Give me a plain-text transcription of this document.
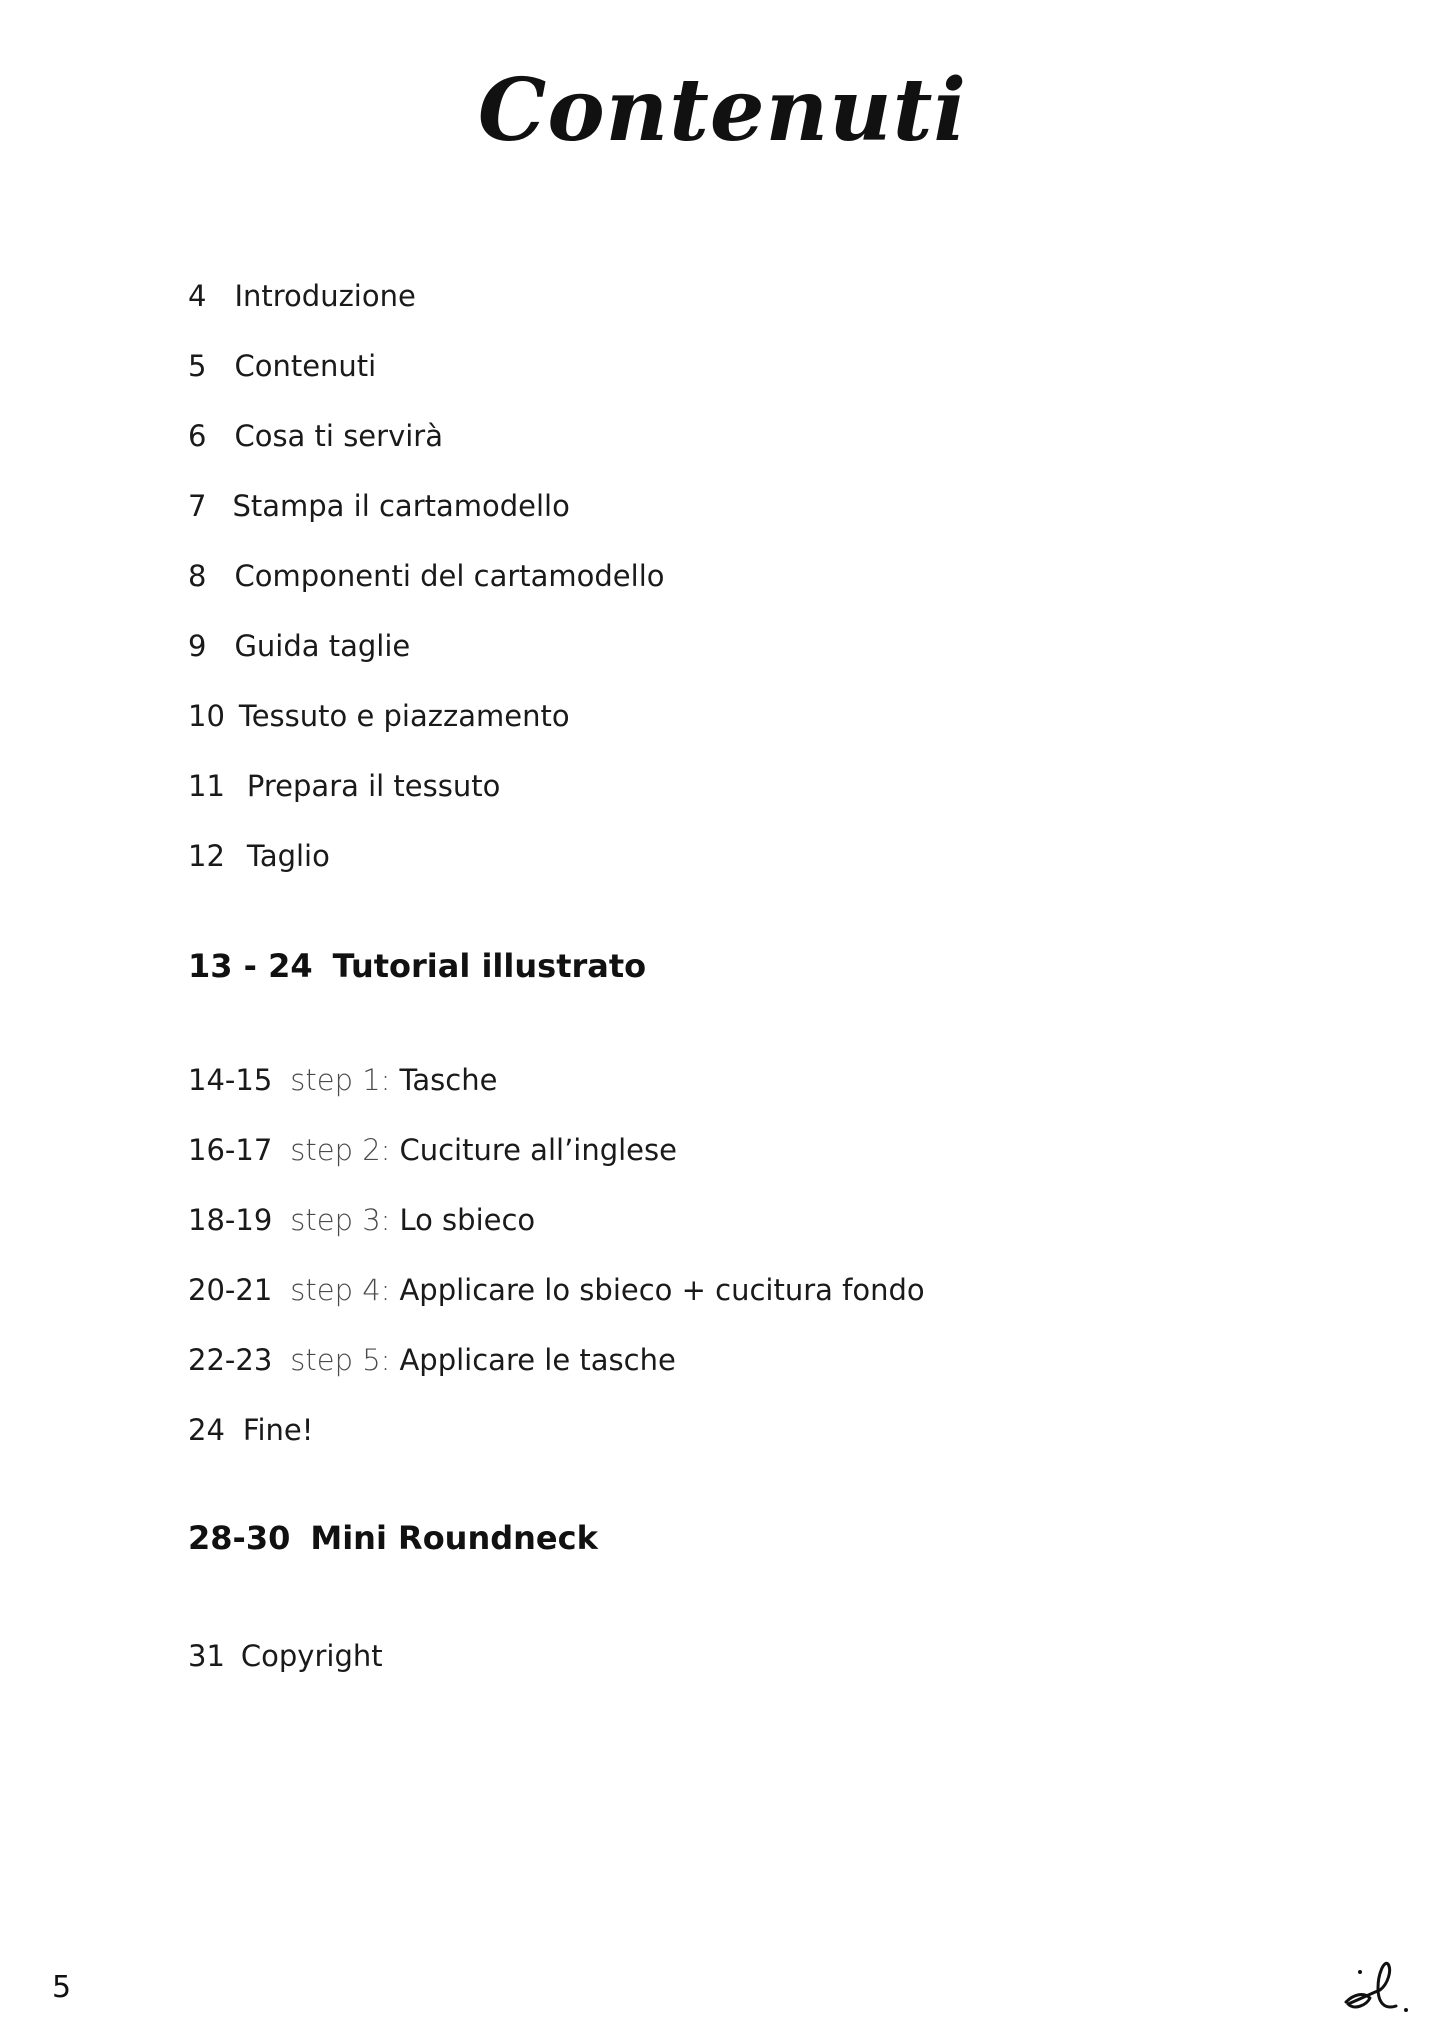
Contenuti
4 Introduzione
5 Contenuti
6 Cosa ti servirà
7 Stampa il cartamodello
8 Componenti del cartamodello
9 Guida taglie
10 Tessuto e piazzamento
11 Prepara il tessuto
12 Taglio
13 - 24 Tutorial illustrato
14-15 step 1: Tasche
16-17 step 2: Cuciture all’inglese
18-19 step 3: Lo sbieco
20-21 step 4: Applicare lo sbieco + cucitura fondo
22-23 step 5: Applicare le tasche
24 Fine!
28-30 Mini Roundneck
31 Copyright
5
